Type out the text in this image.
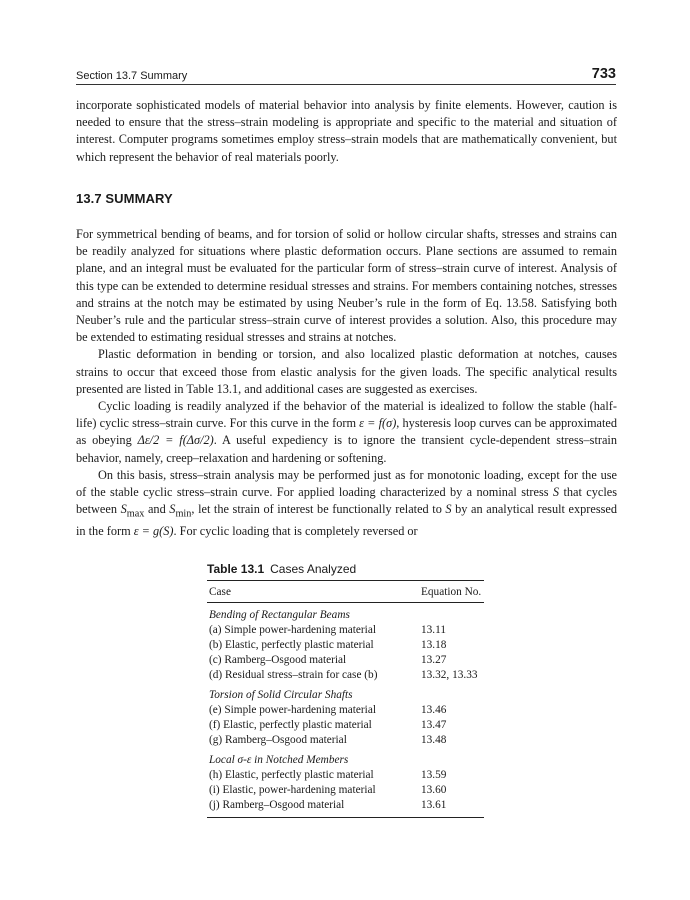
Section 13.7 Summary	733

incorporate sophisticated models of material behavior into analysis by finite elements. However, caution is needed to ensure that the stress–strain modeling is appropriate and specific to the material and situation of interest. Computer programs sometimes employ stress–strain models that are mathematically convenient, but which represent the behavior of real materials poorly.

13.7 SUMMARY

For symmetrical bending of beams, and for torsion of solid or hollow circular shafts, stresses and strains can be readily analyzed for situations where plastic deformation occurs. Plane sections are assumed to remain plane, and an integral must be evaluated for the particular form of stress–strain curve of interest. Analysis of this type can be extended to determine residual stresses and strains. For members containing notches, stresses and strains at the notch may be estimated by using Neuber’s rule in the form of Eq. 13.58. Satisfying both Neuber’s rule and the particular stress–strain curve of interest provides a solution. Also, this procedure may be extended to estimating residual stresses and strains at notches.

Plastic deformation in bending or torsion, and also localized plastic deformation at notches, causes strains to occur that exceed those from elastic analysis for the given loads. The specific analytical results presented are listed in Table 13.1, and additional cases are suggested as exercises.

Cyclic loading is readily analyzed if the behavior of the material is idealized to follow the stable (half-life) cyclic stress–strain curve. For this curve in the form ε = f(σ), hysteresis loop curves can be approximated as obeying Δε/2 = f(Δσ/2). A useful expediency is to ignore the transient cycle-dependent stress–strain behavior, namely, creep–relaxation and hardening or softening.

On this basis, stress–strain analysis may be performed just as for monotonic loading, except for the use of the stable cyclic stress–strain curve. For applied loading characterized by a nominal stress S that cycles between $S_{max}$ and $S_{min}$, let the strain of interest be functionally related to S by an analytical result expressed in the form ε = g(S). For cyclic loading that is completely reversed or

Table 13.1 Cases Analyzed
Case	Equation No.
Bending of Rectangular Beams	
(a) Simple power-hardening material	13.11
(b) Elastic, perfectly plastic material	13.18
(c) Ramberg–Osgood material	13.27
(d) Residual stress–strain for case (b)	13.32, 13.33
Torsion of Solid Circular Shafts	
(e) Simple power-hardening material	13.46
(f) Elastic, perfectly plastic material	13.47
(g) Ramberg–Osgood material	13.48
Local σ-ε in Notched Members	
(h) Elastic, perfectly plastic material	13.59
(i) Elastic, power-hardening material	13.60
(j) Ramberg–Osgood material	13.61
